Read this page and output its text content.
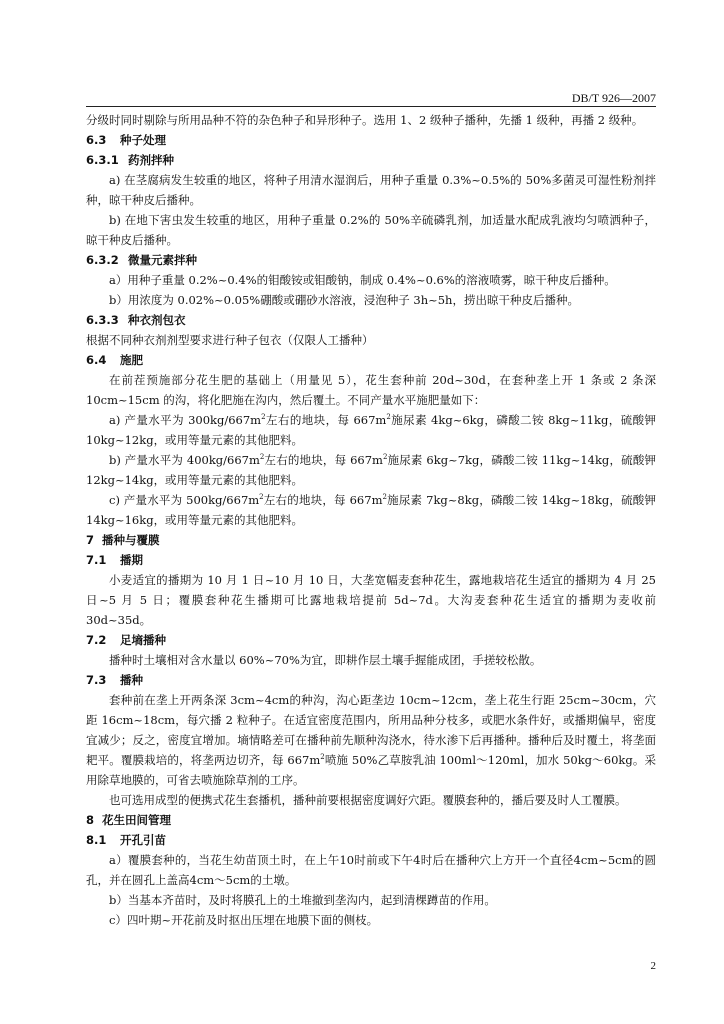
DB/T 926—2007

分级时同时剔除与所用品种不符的杂色种子和异形种子。选用 1、2 级种子播种，先播 1 级种，再播 2 级种。

6.3 种子处理

6.3.1 药剂拌种

a) 在茎腐病发生较重的地区，将种子用清水湿润后，用种子重量 0.3%~0.5%的 50%多菌灵可湿性粉剂拌种，晾干种皮后播种。

b) 在地下害虫发生较重的地区，用种子重量 0.2%的 50%辛硫磷乳剂，加适量水配成乳液均匀喷洒种子，晾干种皮后播种。

6.3.2 微量元素拌种

a）用种子重量 0.2%~0.4%的钼酸铵或钼酸钠，制成 0.4%~0.6%的溶液喷雾，晾干种皮后播种。

b）用浓度为 0.02%~0.05%硼酸或硼砂水溶液，浸泡种子 3h~5h，捞出晾干种皮后播种。

6.3.3 种衣剂包衣

根据不同种衣剂剂型要求进行种子包衣（仅限人工播种）

6.4 施肥

在前茬预施部分花生肥的基础上（用量见 5），花生套种前 20d~30d，在套种垄上开 1 条或 2 条深 10cm~15cm 的沟，将化肥施在沟内，然后覆土。不同产量水平施肥量如下：

a) 产量水平为 $300kg/667m^2$左右的地块，每 $667m^2$施尿素 4kg~6kg，磷酸二铵 8kg~11kg，硫酸钾 10kg~12kg，或用等量元素的其他肥料。

b) 产量水平为 $400kg/667m^2$左右的地块，每 $667m^2$施尿素 6kg~7kg，磷酸二铵 11kg~14kg，硫酸钾 12kg~14kg，或用等量元素的其他肥料。

c) 产量水平为 $500kg/667m^2$左右的地块，每 $667m^2$施尿素 7kg~8kg，磷酸二铵 14kg~18kg，硫酸钾 14kg~16kg，或用等量元素的其他肥料。

7 播种与覆膜

7.1 播期

小麦适宜的播期为 10 月 1 日~10 月 10 日，大垄宽幅麦套种花生，露地栽培花生适宜的播期为 4 月 25 日~5 月 5 日；覆膜套种花生播期可比露地栽培提前 5d~7d。大沟麦套种花生适宜的播期为麦收前 30d~35d。

7.2 足墒播种

播种时土壤相对含水量以 60%~70%为宜，即耕作层土壤手握能成团，手搓较松散。

7.3 播种

套种前在垄上开两条深 3cm~4cm的种沟，沟心距垄边 10cm~12cm，垄上花生行距 25cm~30cm，穴距 16cm~18cm，每穴播 2 粒种子。在适宜密度范围内，所用品种分枝多，或肥水条件好，或播期偏早，密度宜减少；反之，密度宜增加。墒情略差可在播种前先顺种沟浇水，待水渗下后再播种。播种后及时覆土，将垄面耙平。覆膜栽培的，将垄两边切齐，每 $667m^2$喷施 50%乙草胺乳油 100ml～120ml，加水 50kg～60kg。采用除草地膜的，可省去喷施除草剂的工序。

也可选用成型的便携式花生套播机，播种前要根据密度调好穴距。覆膜套种的，播后要及时人工覆膜。

8 花生田间管理

8.1 开孔引苗

a）覆膜套种的，当花生幼苗顶土时，在上午10时前或下午4时后在播种穴上方开一个直径4cm~5cm的圆孔，并在圆孔上盖高4cm～5cm的土墩。

b）当基本齐苗时，及时将膜孔上的土堆撤到垄沟内，起到清棵蹲苗的作用。

c）四叶期~开花前及时抠出压埋在地膜下面的侧枝。

2
